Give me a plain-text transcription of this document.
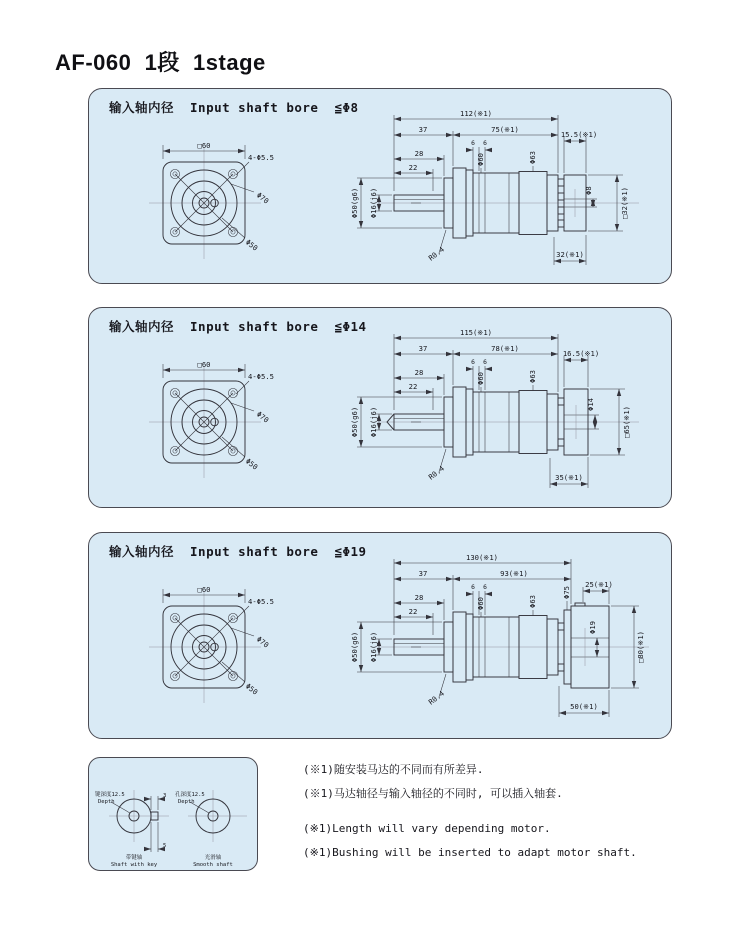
AF-060  1段  1stage
输入轴内径 Input shaft bore ≦Φ8
□60
4-Φ5.5
Φ70
Φ50
112(※1)
37	75(※1)
6 6
28
22
15.5(※1)
Φ60	Φ63
Φ50(g6) Φ16(j6)
R0.4
Φ8	□32(※1)
32(※1)
输入轴内径 Input shaft bore ≦Φ14
□60
4-Φ5.5
Φ70
Φ50
115(※1)
37	78(※1)
6 6
28
22
16.5(※1)
Φ60	Φ63
Φ50(g6) Φ16(j6)
R0.4
Φ14
□65(※1)
35(※1)
输入轴内径 Input shaft bore ≦Φ19
□60
4-Φ5.5
Φ70
Φ50
130(※1)
37	93(※1)
6 6
28
22
25(※1)
Φ60	Φ63
Φ75
Φ50(g6) Φ16(j6)
R0.4
Φ19
□80(※1)
50(※1)
3
5
键深度12.5
Depth
带键轴
Shaft with key
孔深度12.5
Depth
光滑轴
Smooth shaft
(※1)随安装马达的不同而有所差异.
(※1)马达轴径与输入轴径的不同时, 可以插入轴套.
(※1)Length will vary depending motor.
(※1)Bushing will be inserted to adapt motor shaft.
